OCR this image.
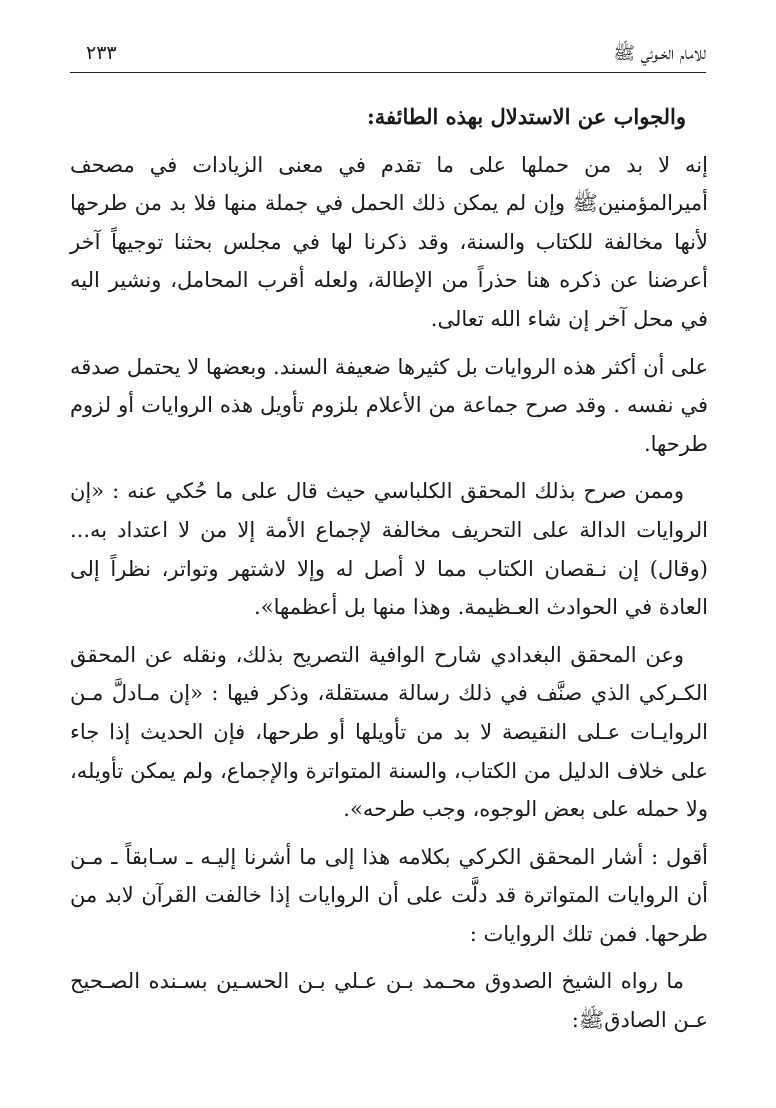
للامام الخـوئي ﷺ
٢٣٣

والجواب عن الاستدلال بهذه الطائفة:

إنه لا بد من حملها على ما تقدم في معنى الزيادات في مصحف أميرالمؤمنينﷺ وإن لم يمكن ذلك الحمل في جملة منها فلا بد من طرحها لأنها مخالفة للكتاب والسنة، وقد ذكرنا لها في مجلس بحثنا توجيهاً آخر أعرضنا عن ذكره هنا حذراً من الإطالة، ولعله أقرب المحامل، ونشير اليه في محل آخر إن شاء الله تعالى.

على أن أكثر هذه الروايات بل كثيرها ضعيفة السند. وبعضها لا يحتمل صدقه في نفسه . وقد صرح جماعة من الأعلام بلزوم تأويل هذه الروايات أو لزوم طرحها.

وممن صرح بذلك المحقق الكلباسي حيث قال على ما حُكي عنه : «إن الروايات الدالة على التحريف مخالفة لإجماع الأمة إلا من لا اعتداد به... (وقال) إن نـقصان الكتاب مما لا أصل له وإلا لاشتهر وتواتر، نظراً إلى العادة في الحوادث العـظيمة. وهذا منها بل أعظمها».

وعن المحقق البغدادي شارح الوافية التصريح بذلك، ونقله عن المحقق الكـركي الذي صنَّف في ذلك رسالة مستقلة، وذكر فيها : «إن مـادلَّ مـن الروايـات عـلى النقيصة لا بد من تأويلها أو طرحها، فإن الحديث إذا جاء على خلاف الدليل من الكتاب، والسنة المتواترة والإجماع، ولم يمكن تأويله، ولا حمله على بعض الوجوه، وجب طرحه».

أقول : أشار المحقق الكركي بكلامه هذا إلى ما أشرنا إليـه ـ سـابقاً ـ مـن أن الروايات المتواترة قد دلَّت على أن الروايات إذا خالفت القرآن لابد من طرحها. فمن تلك الروايات :

ما رواه الشيخ الصدوق محـمد بـن عـلي بـن الحسـين بسـنده الصـحيح عـن الصادقﷺ:
